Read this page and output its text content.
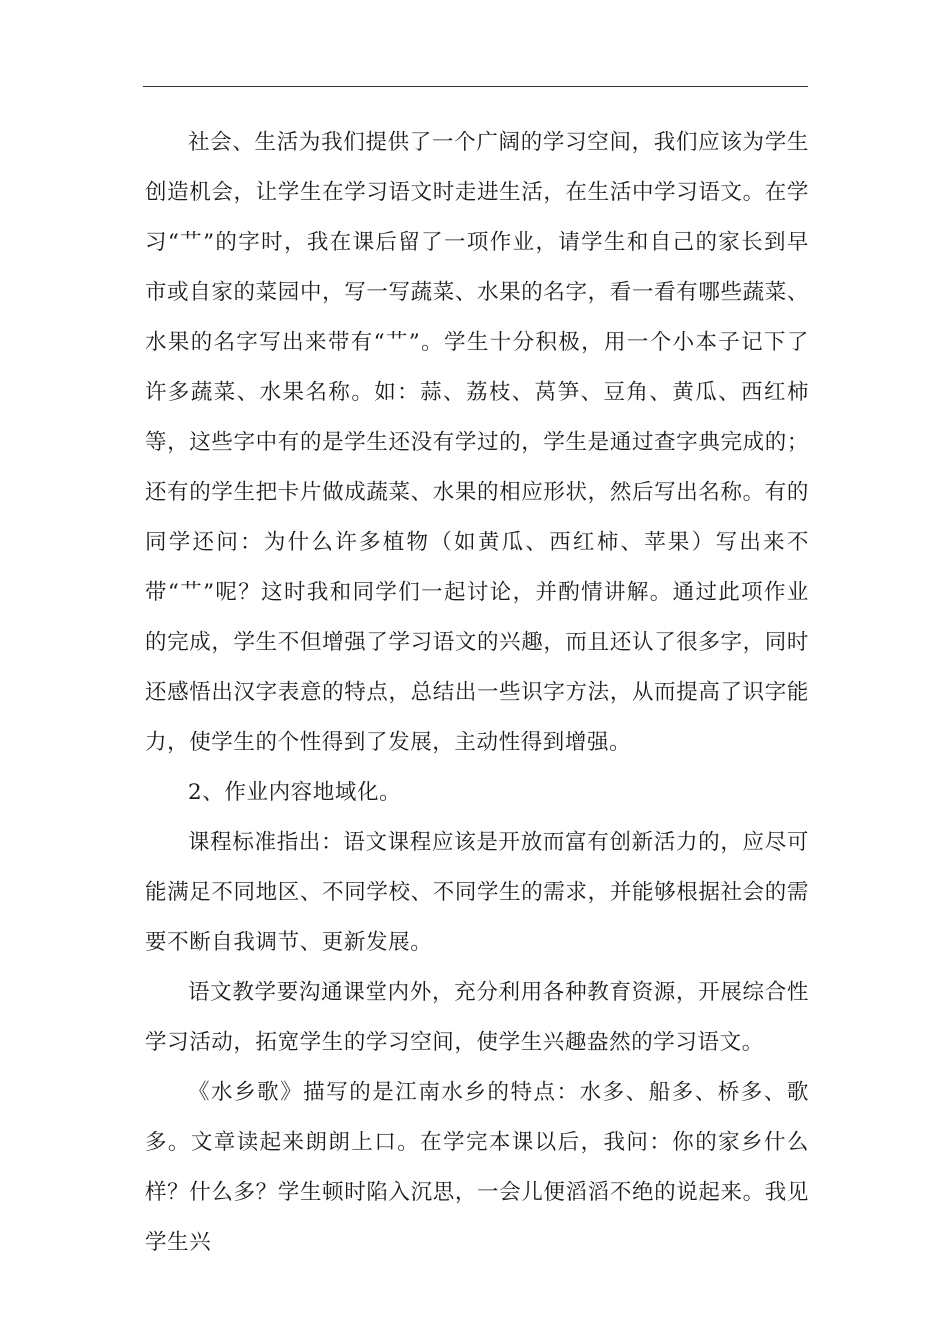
社会、生活为我们提供了一个广阔的学习空间，我们应该为学生创造机会，让学生在学习语文时走进生活，在生活中学习语文。在学习“艹”的字时，我在课后留了一项作业，请学生和自己的家长到早市或自家的菜园中，写一写蔬菜、水果的名字，看一看有哪些蔬菜、水果的名字写出来带有“艹”。学生十分积极，用一个小本子记下了许多蔬菜、水果名称。如：蒜、荔枝、莴笋、豆角、黄瓜、西红柿等，这些字中有的是学生还没有学过的，学生是通过查字典完成的；还有的学生把卡片做成蔬菜、水果的相应形状，然后写出名称。有的同学还问：为什么许多植物（如黄瓜、西红柿、苹果）写出来不带“艹”呢？这时我和同学们一起讨论，并酌情讲解。通过此项作业的完成，学生不但增强了学习语文的兴趣，而且还认了很多字，同时还感悟出汉字表意的特点，总结出一些识字方法，从而提高了识字能力，使学生的个性得到了发展，主动性得到增强。

2、作业内容地域化。

课程标准指出：语文课程应该是开放而富有创新活力的，应尽可能满足不同地区、不同学校、不同学生的需求，并能够根据社会的需要不断自我调节、更新发展。

语文教学要沟通课堂内外，充分利用各种教育资源，开展综合性学习活动，拓宽学生的学习空间，使学生兴趣盎然的学习语文。

《水乡歌》描写的是江南水乡的特点：水多、船多、桥多、歌多。文章读起来朗朗上口。在学完本课以后，我问：你的家乡什么样？什么多？学生顿时陷入沉思，一会儿便滔滔不绝的说起来。我见学生兴
